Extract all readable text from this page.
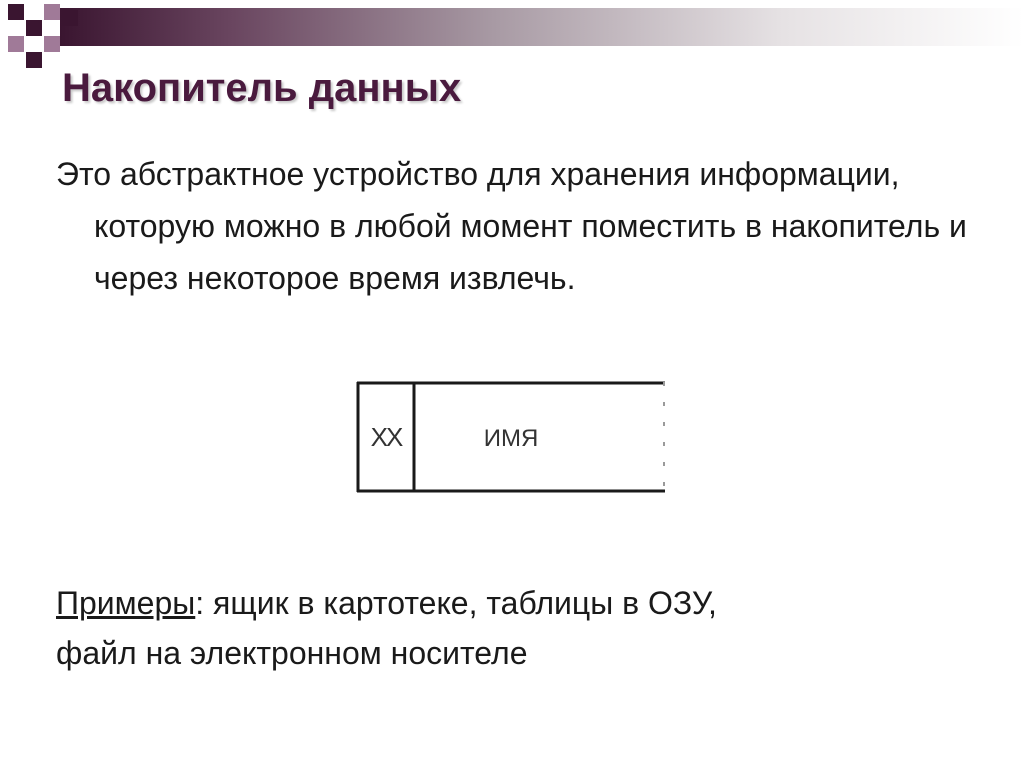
Накопитель данных

Это абстрактное устройство для хранения информации, которую можно в любой момент поместить в накопитель и через некоторое время извлечь.

XX	ИМЯ

Примеры: ящик в картотеке, таблицы в ОЗУ,
файл на электронном носителе
